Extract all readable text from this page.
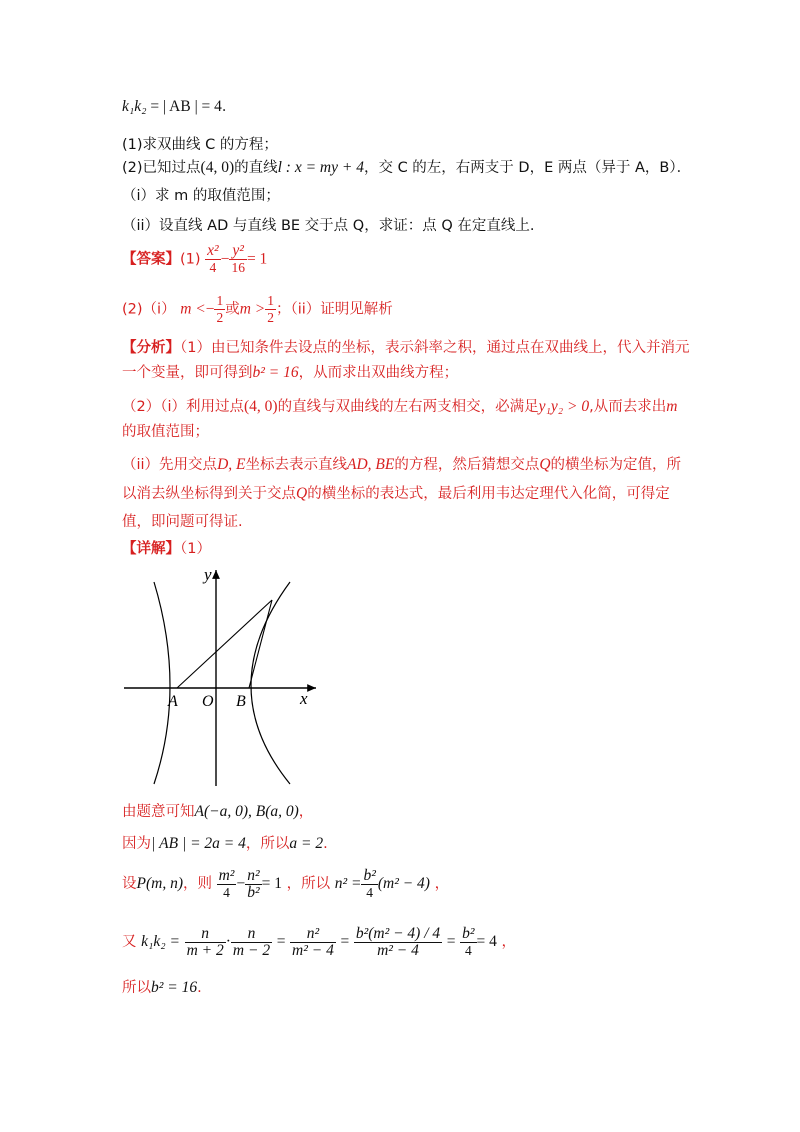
k₁k₂ = | AB | = 4．
(1)求双曲线 C 的方程；
(2)已知过点(4, 0)的直线l : x = my + 4，交 C 的左，右两支于 D，E 两点（异于 A，B）．
（i）求 m 的取值范围；
（ii）设直线 AD 与直线 BE 交于点 Q，求证：点 Q 在定直线上.
【答案】$(1) \frac{\text{x²}}{4} - \frac{\text{y²}}{16} = 1$
(2)（i） $m <- \frac{1}{2}$ 或$m > \frac{1}{2}$ ；（ii）证明见解析
【分析】（1）由已知条件去设点的坐标，表示斜率之积，通过点在双曲线上，代入并消元
一个变量，即可得到b² = 16，从而求出双曲线方程；
（2）（i）利用过点(4, 0)的直线与双曲线的左右两支相交，必满足y₁y₂ > 0,从而去求出m
的取值范围；
（ii）先用交点D, E坐标去表示直线AD, BE的方程，然后猜想交点Q的横坐标为定值，所
以消去纵坐标得到关于交点Q的横坐标的表达式，最后利用韦达定理代入化简，可得定
值，即问题可得证.
【详解】（1）
y
x
A O B
由题意可知A(−a, 0), B(a, 0)，
因为| AB | = 2a = 4，所以a = 2.
设P(m, n)，则 $\frac{\text{m²}}{4} - \frac{\text{n²}}{\text{b²}} = 1$ ，所以 $n^2 = \frac{\text{b²}}{4} (m^2 - 4)$ ，
又 $k_1k_2 = \frac{n}{m + 2} \cdot \frac{n}{m - 2} = \frac{\text{n²}}{\text{m² − 4}} = \frac{\text{b²(m² − 4) / 4}}{\text{m² − 4}} = \frac{\text{b²}}{4} = 4$ ，
所以b² = 16.
